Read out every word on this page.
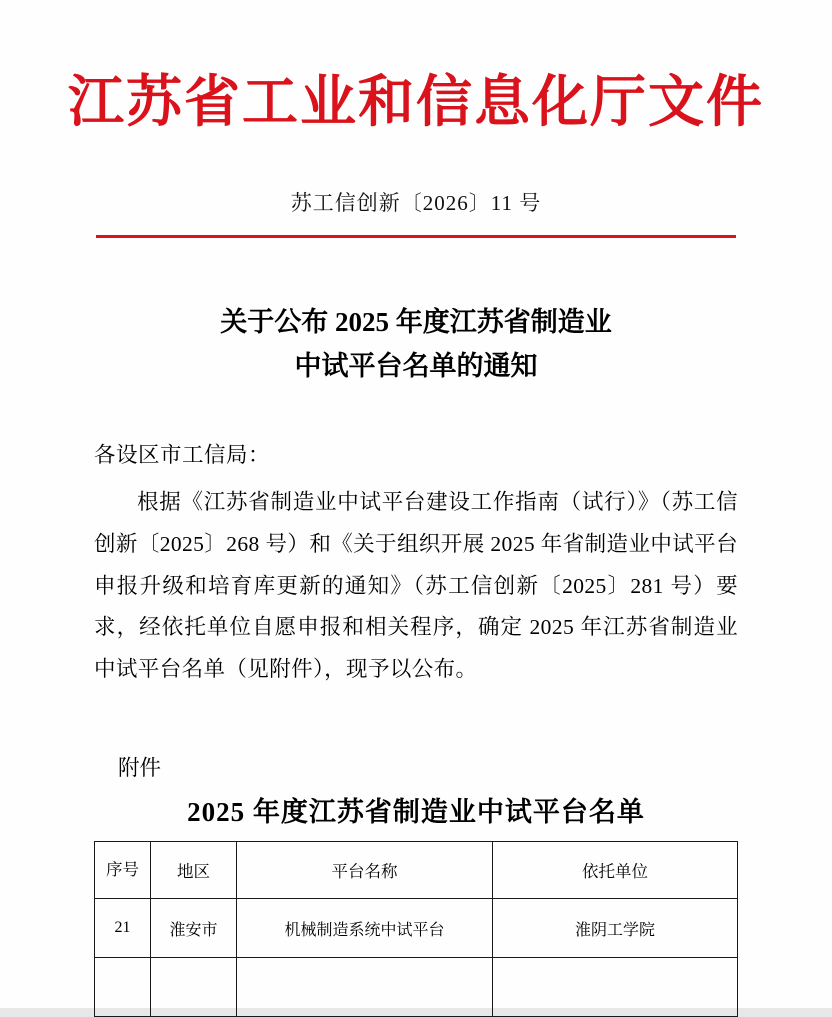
江苏省工业和信息化厅文件
苏工信创新〔2026〕11 号
关于公布 2025 年度江苏省制造业
中试平台名单的通知
各设区市工信局：
根据《江苏省制造业中试平台建设工作指南（试行）》（苏工信创新〔2025〕268 号）和《关于组织开展 2025 年省制造业中试平台申报升级和培育库更新的通知》（苏工信创新〔2025〕281 号）要求，经依托单位自愿申报和相关程序，确定 2025 年江苏省制造业中试平台名单（见附件），现予以公布。
附件
2025 年度江苏省制造业中试平台名单
序号	地区	平台名称	依托单位
21	淮安市	机械制造系统中试平台	淮阴工学院
